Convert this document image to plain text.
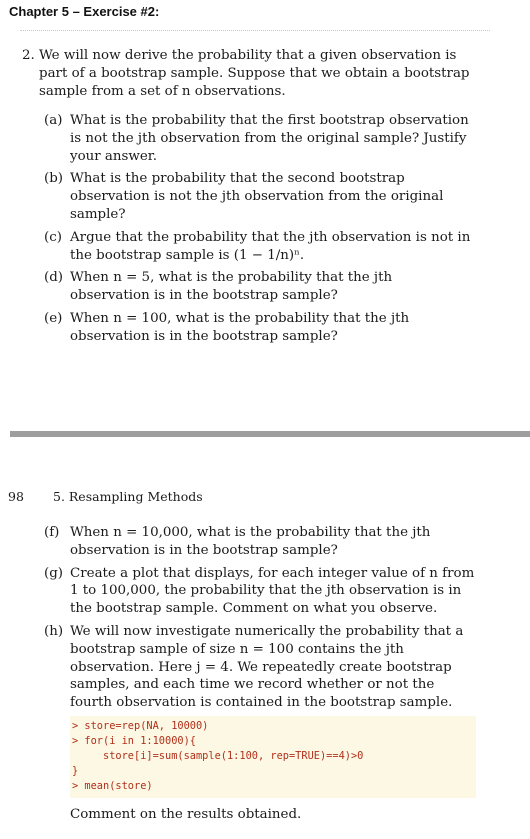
Chapter 5 – Exercise #2:
2. We will now derive the probability that a given observation is part of a bootstrap sample. Suppose that we obtain a bootstrap sample from a set of n observations.
(a) What is the probability that the first bootstrap observation is not the jth observation from the original sample? Justify your answer.
(b) What is the probability that the second bootstrap observation is not the jth observation from the original sample?
(c) Argue that the probability that the jth observation is not in the bootstrap sample is (1 − 1/n)ⁿ.
(d) When n = 5, what is the probability that the jth observation is in the bootstrap sample?
(e) When n = 100, what is the probability that the jth observation is in the bootstrap sample?
98 5. Resampling Methods
(f) When n = 10,000, what is the probability that the jth observation is in the bootstrap sample?
(g) Create a plot that displays, for each integer value of n from 1 to 100,000, the probability that the jth observation is in the bootstrap sample. Comment on what you observe.
(h) We will now investigate numerically the probability that a bootstrap sample of size n = 100 contains the jth observation. Here j = 4. We repeatedly create bootstrap samples, and each time we record whether or not the fourth observation is contained in the bootstrap sample.
> store=rep(NA, 10000)
> for(i in 1:10000){
store[i]=sum(sample(1:100, rep=TRUE)==4)>0
}
> mean(store)
Comment on the results obtained.
